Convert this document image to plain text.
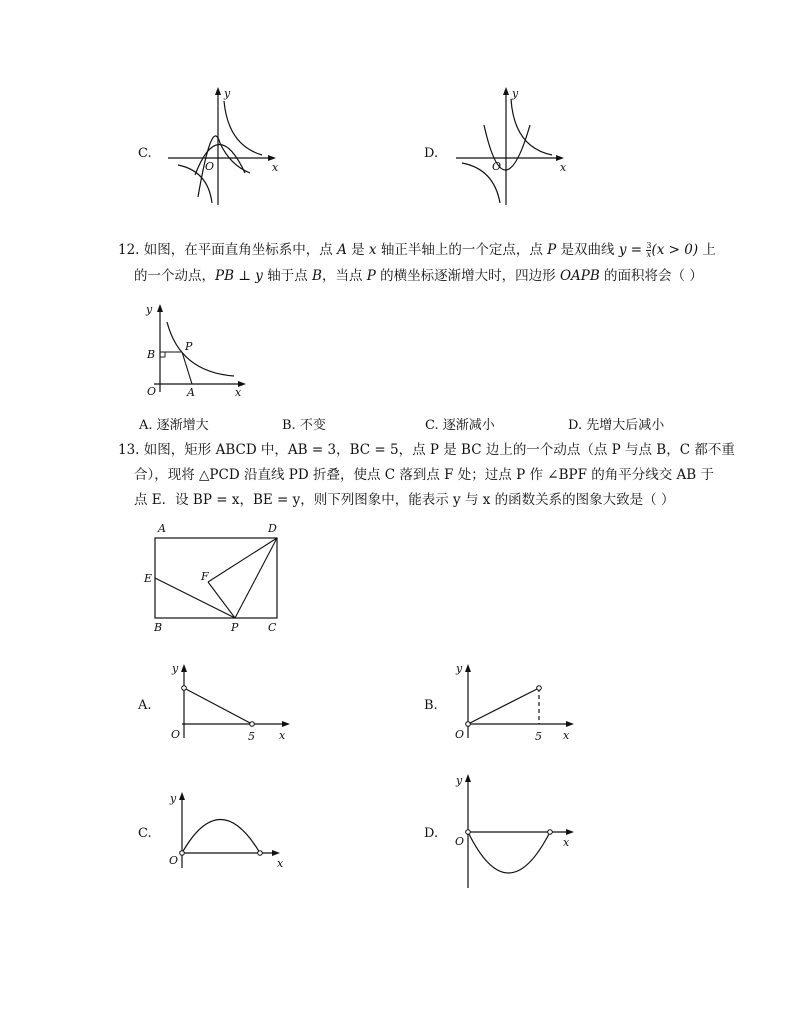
C.
y
x
O
D.
y
x
O
12. 如图，在平面直角坐标系中，点 A 是 x 轴正半轴上的一个定点，点 P 是双曲线 $y = \frac{3}{x} (x > 0)$ 上
的一个动点，PB ⊥ y 轴于点 B，当点 P 的横坐标逐渐增大时，四边形 OAPB 的面积将会（ ）
y
x
O	A
B
P
A. 逐渐增大	B. 不变	C. 逐渐减小	D. 先增大后减小
13. 如图，矩形 ABCD 中，AB = 3，BC = 5，点 P 是 BC 边上的一个动点（点 P 与点 B，C 都不重
合），现将 △PCD 沿直线 PD 折叠，使点 C 落到点 F 处；过点 P 作 ∠BPF 的角平分线交 AB 于
点 E．设 BP = x，BE = y，则下列图象中，能表示 y 与 x 的函数关系的图象大致是（ ）
A	D
E	F
B	P	C
A.
y
x
O	5
B.
y
x
O	5
C.
y
x
O
D.
y
x
O
